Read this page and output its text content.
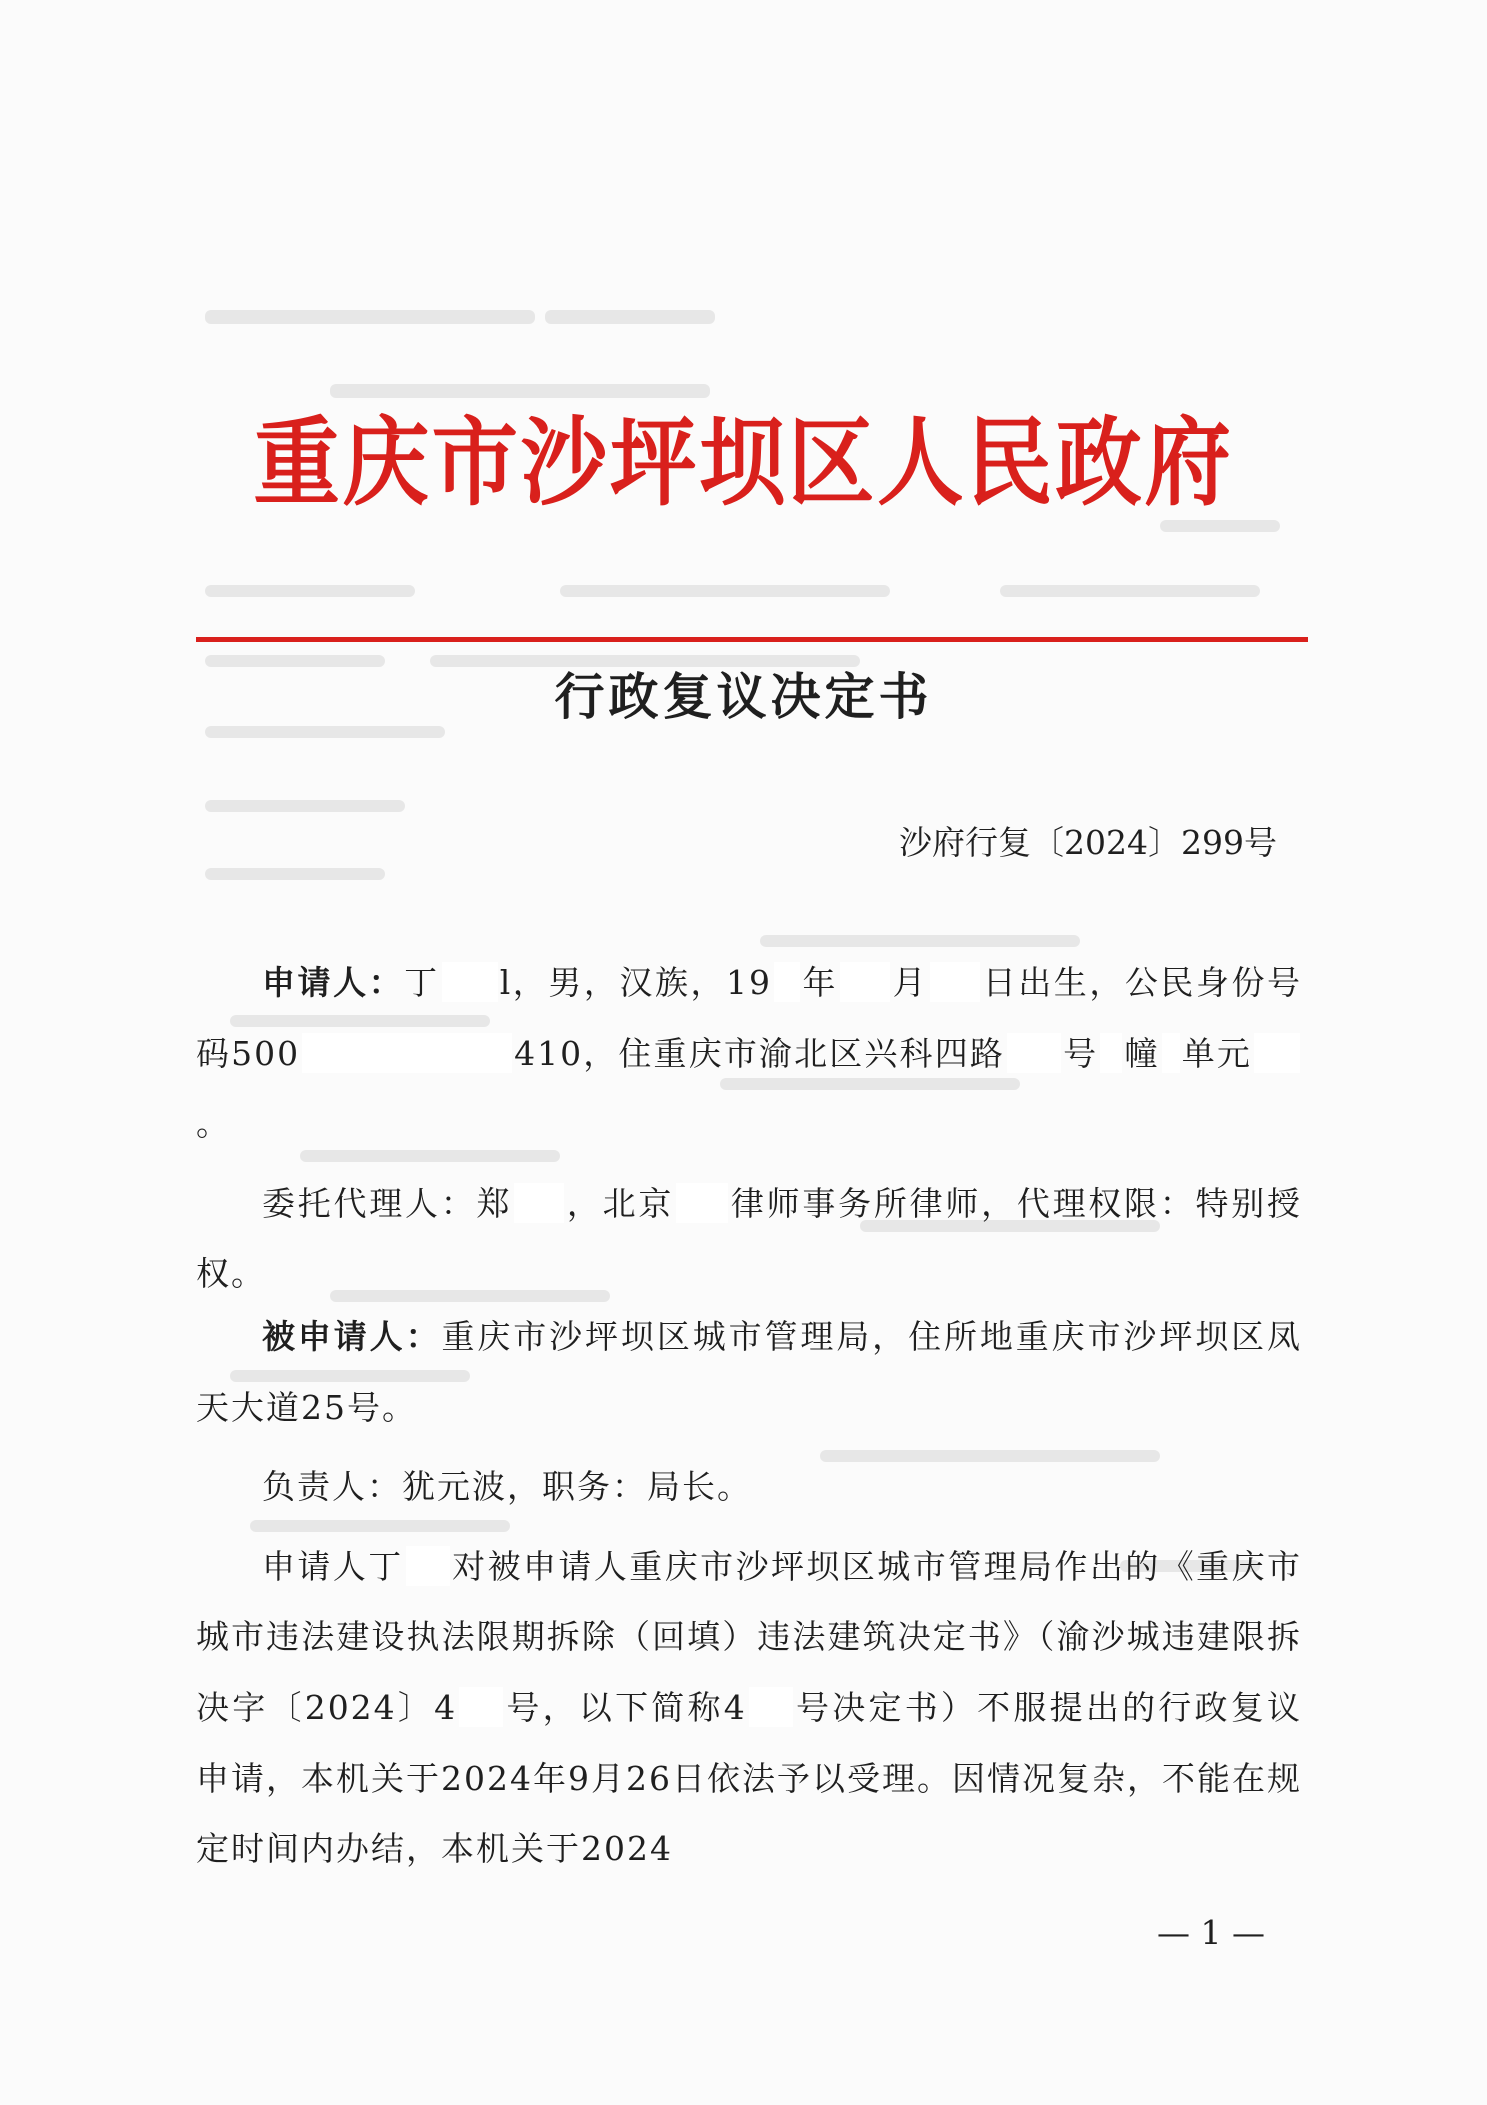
重庆市沙坪坝区人民政府
行政复议决定书
沙府行复〔2024〕299号

申请人：丁 l，男，汉族，19 年 月 日出生，公民身份号码500	410，住重庆市渝北区兴科四路 号 幢 单元。

委托代理人：郑 ，北京 律师事务所律师，代理权限：特别授权。

被申请人：重庆市沙坪坝区城市管理局，住所地重庆市沙坪坝区凤天大道25号。

负责人：犹元波，职务：局长。

申请人丁 对被申请人重庆市沙坪坝区城市管理局作出的《重庆市城市违法建设执法限期拆除（回填）违法建筑决定书》（渝沙城违建限拆决字〔2024〕4 号，以下简称4 号决定书）不服提出的行政复议申请，本机关于2024年9月26日依法予以受理。因情况复杂，不能在规定时间内办结，本机关于2024

— 1 —
